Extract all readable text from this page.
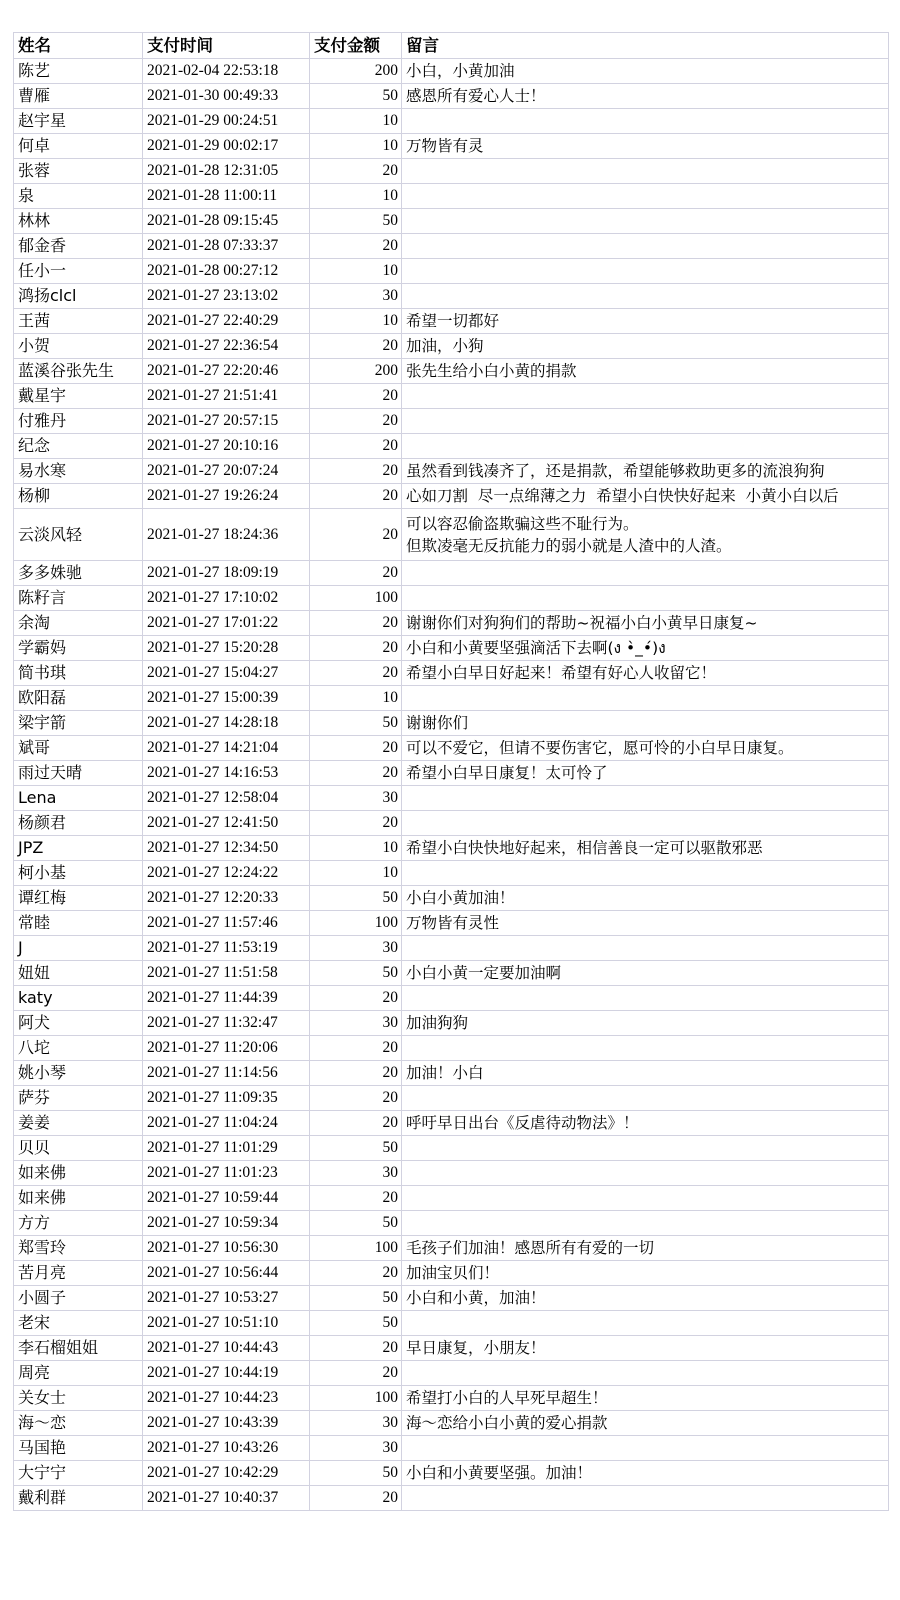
姓名	支付时间	支付金额	留言
陈艺	2021-02-04 22:53:18	200	小白，小黄加油
曹雁	2021-01-30 00:49:33	50	感恩所有爱心人士！
赵宇星	2021-01-29 00:24:51	10	
何卓	2021-01-29 00:02:17	10	万物皆有灵
张蓉	2021-01-28 12:31:05	20	
泉	2021-01-28 11:00:11	10	
林林	2021-01-28 09:15:45	50	
郁金香	2021-01-28 07:33:37	20	
任小一	2021-01-28 00:27:12	10	
鸿扬clcl	2021-01-27 23:13:02	30	
王茜	2021-01-27 22:40:29	10	希望一切都好
小贺	2021-01-27 22:36:54	20	加油，小狗
蓝溪谷张先生	2021-01-27 22:20:46	200	张先生给小白小黄的捐款
戴星宇	2021-01-27 21:51:41	20	
付雅丹	2021-01-27 20:57:15	20	
纪念	2021-01-27 20:10:16	20	
易水寒	2021-01-27 20:07:24	20	虽然看到钱凑齐了，还是捐款，希望能够救助更多的流浪狗狗
杨柳	2021-01-27 19:26:24	20	心如刀割  尽一点绵薄之力  希望小白快快好起来  小黄小白以后
云淡风轻	2021-01-27 18:24:36	20	可以容忍偷盗欺骗这些不耻行为。
但欺凌毫无反抗能力的弱小就是人渣中的人渣。
多多姝驰	2021-01-27 18:09:19	20	
陈籽言	2021-01-27 17:10:02	100	
余淘	2021-01-27 17:01:22	20	谢谢你们对狗狗们的帮助~祝福小白小黄早日康复~
学霸妈	2021-01-27 15:20:28	20	小白和小黄要坚强滴活下去啊(ง •̀_•́)ง
简书琪	2021-01-27 15:04:27	20	希望小白早日好起来！希望有好心人收留它！
欧阳磊	2021-01-27 15:00:39	10	
梁宇箭	2021-01-27 14:28:18	50	谢谢你们
斌哥	2021-01-27 14:21:04	20	可以不爱它，但请不要伤害它，愿可怜的小白早日康复。
雨过天晴	2021-01-27 14:16:53	20	希望小白早日康复！太可怜了
Lena	2021-01-27 12:58:04	30	
杨颜君	2021-01-27 12:41:50	20	
JPZ	2021-01-27 12:34:50	10	希望小白快快地好起来，相信善良一定可以驱散邪恶
柯小基	2021-01-27 12:24:22	10	
谭红梅	2021-01-27 12:20:33	50	小白小黄加油！
常睦	2021-01-27 11:57:46	100	万物皆有灵性
J	2021-01-27 11:53:19	30	
妞妞	2021-01-27 11:51:58	50	小白小黄一定要加油啊
katy	2021-01-27 11:44:39	20	
阿犬	2021-01-27 11:32:47	30	加油狗狗
八坨	2021-01-27 11:20:06	20	
姚小琴	2021-01-27 11:14:56	20	加油！小白
萨芬	2021-01-27 11:09:35	20	
姜姜	2021-01-27 11:04:24	20	呼吁早日出台《反虐待动物法》！
贝贝	2021-01-27 11:01:29	50	
如来佛	2021-01-27 11:01:23	30	
如来佛	2021-01-27 10:59:44	20	
方方	2021-01-27 10:59:34	50	
郑雪玲	2021-01-27 10:56:30	100	毛孩子们加油！感恩所有有爱的一切
苦月亮	2021-01-27 10:56:44	20	加油宝贝们！
小圆子	2021-01-27 10:53:27	50	小白和小黄，加油！
老宋	2021-01-27 10:51:10	50	
李石榴姐姐	2021-01-27 10:44:43	20	早日康复，小朋友！
周亮	2021-01-27 10:44:19	20	
关女士	2021-01-27 10:44:23	100	希望打小白的人早死早超生！
海～恋	2021-01-27 10:43:39	30	海～恋给小白小黄的爱心捐款
马国艳	2021-01-27 10:43:26	30	
大宁宁	2021-01-27 10:42:29	50	小白和小黄要坚强。加油！
戴利群	2021-01-27 10:40:37	20	
